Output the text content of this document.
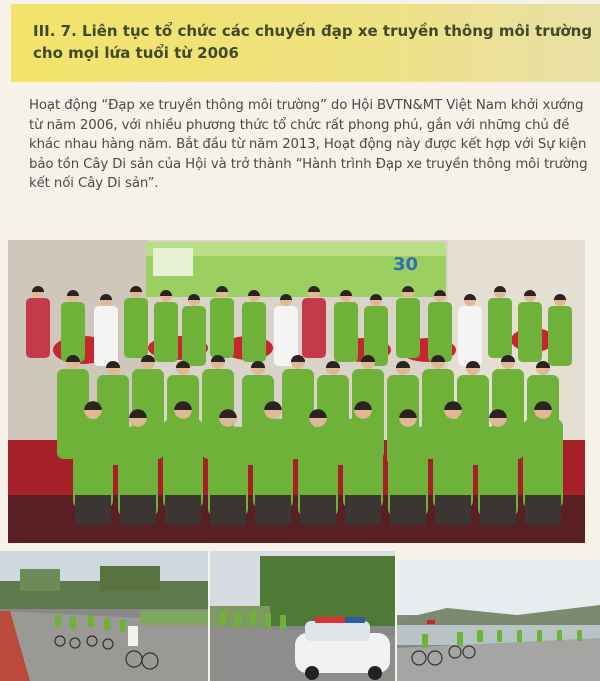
III. 7. Liên tục tổ chức các chuyến đạp xe truyền thông môi trường cho mọi lứa tuổi từ 2006
Hoạt động “Đạp xe truyền thông môi trường” do Hội BVTN&MT Việt Nam khởi xướng từ năm 2006, với nhiều phương thức tổ chức rất phong phú, gắn với những chủ đề khác nhau hàng năm. Bắt đầu từ năm 2013, Hoạt động này được kết hợp với Sự kiện bảo tồn Cây Di sản của Hội và trở thành “Hành trình Đạp xe truyền thông môi trường kết nối Cây Di sản”.
30
